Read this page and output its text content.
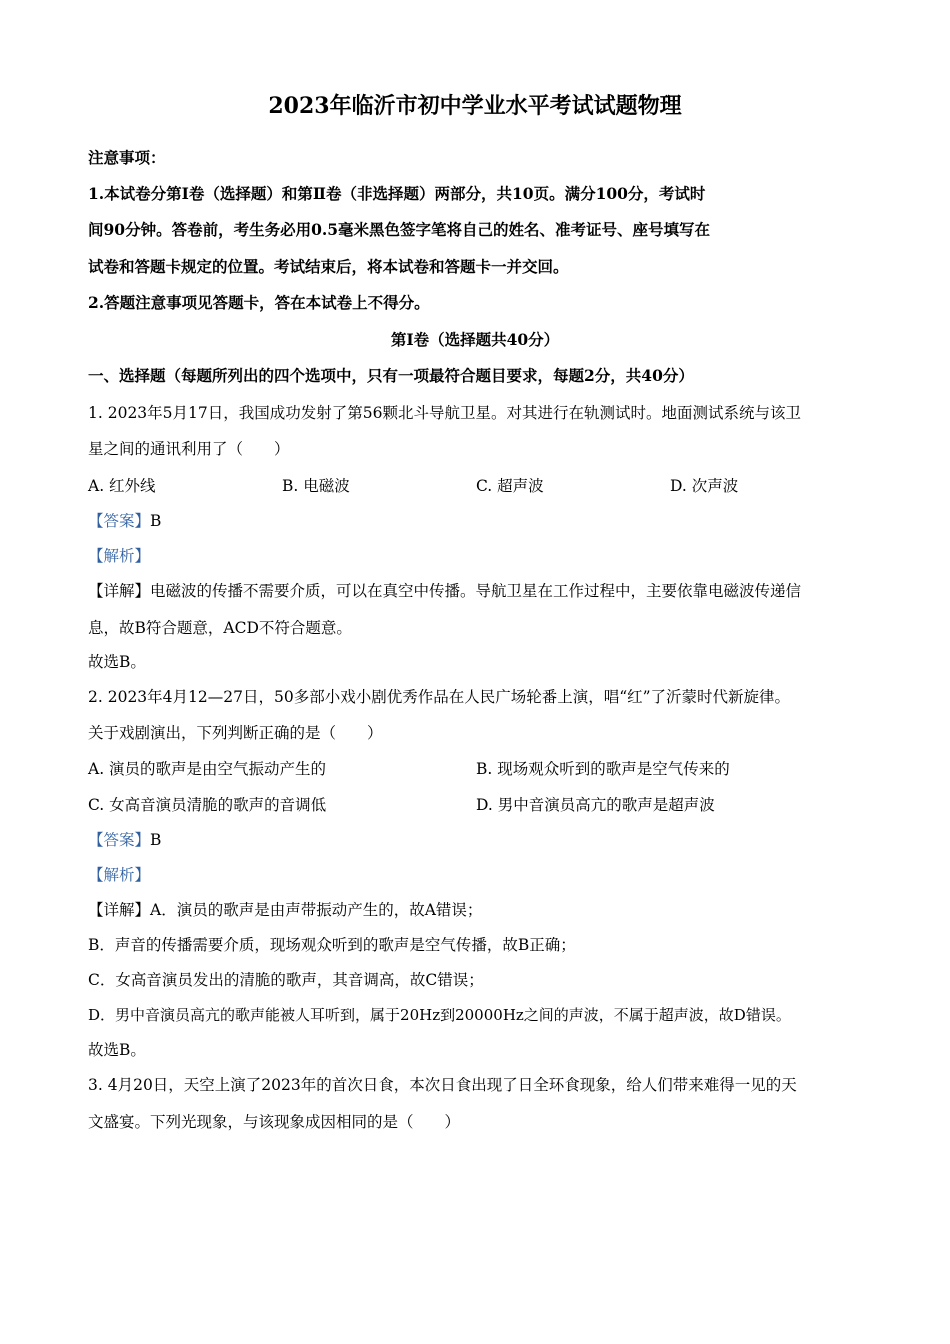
2023年临沂市初中学业水平考试试题物理
注意事项：
1.本试卷分第Ⅰ卷（选择题）和第Ⅱ卷（非选择题）两部分，共10页。满分100分，考试时
间90分钟。答卷前，考生务必用0.5毫米黑色签字笔将自己的姓名、准考证号、座号填写在
试卷和答题卡规定的位置。考试结束后，将本试卷和答题卡一并交回。
2.答题注意事项见答题卡，答在本试卷上不得分。
第Ⅰ卷（选择题共40分）
一、选择题（每题所列出的四个选项中，只有一项最符合题目要求，每题2分，共40分）
1. 2023年5月17日，我国成功发射了第56颗北斗导航卫星。对其进行在轨测试时。地面测试系统与该卫
星之间的通讯利用了（　　）
A. 红外线	B. 电磁波	C. 超声波	D. 次声波
【答案】B
【解析】
【详解】电磁波的传播不需要介质，可以在真空中传播。导航卫星在工作过程中，主要依靠电磁波传递信
息，故B符合题意，ACD不符合题意。
故选B。
2. 2023年4月12—27日，50多部小戏小剧优秀作品在人民广场轮番上演，唱“红”了沂蒙时代新旋律。
关于戏剧演出，下列判断正确的是（　　）
A. 演员的歌声是由空气振动产生的	B. 现场观众听到的歌声是空气传来的
C. 女高音演员清脆的歌声的音调低	D. 男中音演员高亢的歌声是超声波
【答案】B
【解析】
【详解】A．演员的歌声是由声带振动产生的，故A错误；
B．声音的传播需要介质，现场观众听到的歌声是空气传播，故B正确；
C．女高音演员发出的清脆的歌声，其音调高，故C错误；
D．男中音演员高亢的歌声能被人耳听到，属于20Hz到20000Hz之间的声波，不属于超声波，故D错误。
故选B。
3. 4月20日，天空上演了2023年的首次日食，本次日食出现了日全环食现象，给人们带来难得一见的天
文盛宴。下列光现象，与该现象成因相同的是（　　）
